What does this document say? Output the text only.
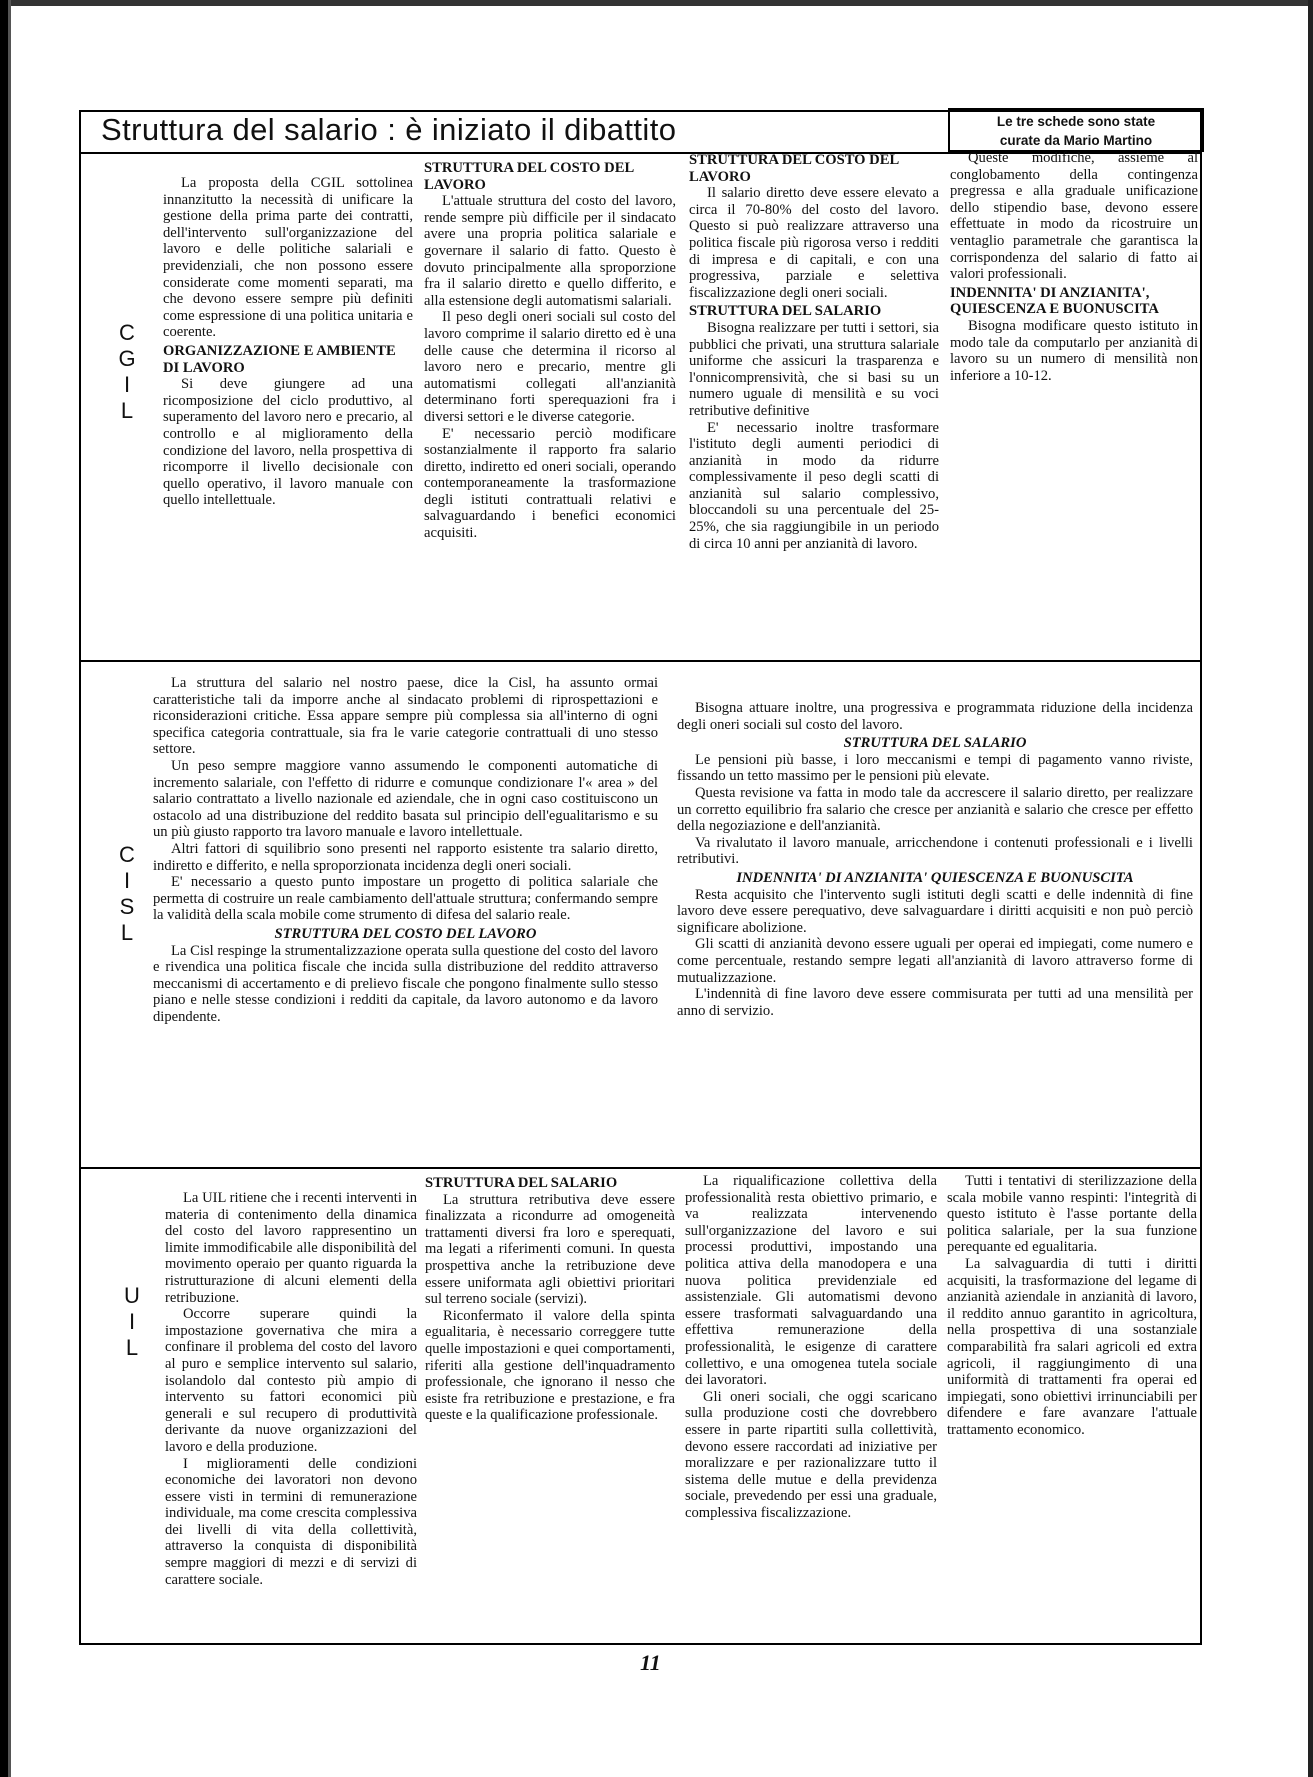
Struttura del salario : è iniziato il dibattito	Le tre schede sono state
curate da Mario Martino
C
G
I
L

La proposta della CGIL sottolinea innanzitutto la necessità di unificare la gestione della prima parte dei contratti, dell'intervento sull'organizzazione del lavoro e delle politiche salariali e previdenziali, che non possono essere considerate come momenti separati, ma che devono essere sempre più definiti come espressione di una politica unitaria e coerente.

ORGANIZZAZIONE E AMBIENTE DI LAVORO

Si deve giungere ad una ricomposizione del ciclo produttivo, al superamento del lavoro nero e precario, al controllo e al miglioramento della condizione del lavoro, nella prospettiva di ricomporre il livello decisionale con quello operativo, il lavoro manuale con quello intellettuale.

STRUTTURA DEL COSTO DEL LAVORO

L'attuale struttura del costo del lavoro, rende sempre più difficile per il sindacato avere una propria politica salariale e governare il salario di fatto. Questo è dovuto principalmente alla sproporzione fra il salario diretto e quello differito, e alla estensione degli automatismi salariali.

Il peso degli oneri sociali sul costo del lavoro comprime il salario diretto ed è una delle cause che determina il ricorso al lavoro nero e precario, mentre gli automatismi collegati all'anzianità determinano forti sperequazioni fra i diversi settori e le diverse categorie.

E' necessario perciò modificare sostanzialmente il rapporto fra salario diretto, indiretto ed oneri sociali, operando contemporaneamente la trasformazione degli istituti contrattuali relativi e salvaguardando i benefici economici acquisiti.

STRUTTURA DEL COSTO DEL LAVORO

Il salario diretto deve essere elevato a circa il 70-80% del costo del lavoro. Questo si può realizzare attraverso una politica fiscale più rigorosa verso i redditi di impresa e di capitali, e con una progressiva, parziale e selettiva fiscalizzazione degli oneri sociali.

STRUTTURA DEL SALARIO

Bisogna realizzare per tutti i settori, sia pubblici che privati, una struttura salariale uniforme che assicuri la trasparenza e l'onnicomprensività, che si basi su un numero uguale di mensilità e su voci retributive definitive

E' necessario inoltre trasformare l'istituto degli aumenti periodici di anzianità in modo da ridurre complessivamente il peso degli scatti di anzianità sul salario complessivo, bloccandoli su una percentuale del 25-25%, che sia raggiungibile in un periodo di circa 10 anni per anzianità di lavoro.

Queste modifiche, assieme al conglobamento della contingenza pregressa e alla graduale unificazione dello stipendio base, devono essere effettuate in modo da ricostruire un ventaglio parametrale che garantisca la corrispondenza del salario di fatto ai valori professionali.

INDENNITA' DI ANZIANITA', QUIESCENZA E BUONUSCITA

Bisogna modificare questo istituto in modo tale da computarlo per anzianità di lavoro su un numero di mensilità non inferiore a 10-12.

C
I
S
L

La struttura del salario nel nostro paese, dice la Cisl, ha assunto ormai caratteristiche tali da imporre anche al sindacato problemi di riprospettazioni e riconsiderazioni critiche. Essa appare sempre più complessa sia all'interno di ogni specifica categoria contrattuale, sia fra le varie categorie contrattuali di uno stesso settore.

Un peso sempre maggiore vanno assumendo le componenti automatiche di incremento salariale, con l'effetto di ridurre e comunque condizionare l'« area » del salario contrattato a livello nazionale ed aziendale, che in ogni caso costituiscono un ostacolo ad una distribuzione del reddito basata sul principio dell'egualitarismo e su un più giusto rapporto tra lavoro manuale e lavoro intellettuale.

Altri fattori di squilibrio sono presenti nel rapporto esistente tra salario diretto, indiretto e differito, e nella sproporzionata incidenza degli oneri sociali.

E' necessario a questo punto impostare un progetto di politica salariale che permetta di costruire un reale cambiamento dell'attuale struttura; confermando sempre la validità della scala mobile come strumento di difesa del salario reale.

STRUTTURA DEL COSTO DEL LAVORO

La Cisl respinge la strumentalizzazione operata sulla questione del costo del lavoro e rivendica una politica fiscale che incida sulla distribuzione del reddito attraverso meccanismi di accertamento e di prelievo fiscale che pongono finalmente sullo stesso piano e nelle stesse condizioni i redditi da capitale, da lavoro autonomo e da lavoro dipendente.

Bisogna attuare inoltre, una progressiva e programmata riduzione della incidenza degli oneri sociali sul costo del lavoro.

STRUTTURA DEL SALARIO

Le pensioni più basse, i loro meccanismi e tempi di pagamento vanno riviste, fissando un tetto massimo per le pensioni più elevate.

Questa revisione va fatta in modo tale da accrescere il salario diretto, per realizzare un corretto equilibrio fra salario che cresce per anzianità e salario che cresce per effetto della negoziazione e dell'anzianità.

Va rivalutato il lavoro manuale, arricchendone i contenuti professionali e i livelli retributivi.

INDENNITA' DI ANZIANITA' QUIESCENZA E BUONUSCITA

Resta acquisito che l'intervento sugli istituti degli scatti e delle indennità di fine lavoro deve essere perequativo, deve salvaguardare i diritti acquisiti e non può perciò significare abolizione.

Gli scatti di anzianità devono essere uguali per operai ed impiegati, come numero e come percentuale, restando sempre legati all'anzianità di lavoro attraverso forme di mutualizzazione.

L'indennità di fine lavoro deve essere commisurata per tutti ad una mensilità per anno di servizio.

U
I
L

La UIL ritiene che i recenti interventi in materia di contenimento della dinamica del costo del lavoro rappresentino un limite immodificabile alle disponibilità del movimento operaio per quanto riguarda la ristrutturazione di alcuni elementi della retribuzione.

Occorre superare quindi la impostazione governativa che mira a confinare il problema del costo del lavoro al puro e semplice intervento sul salario, isolandolo dal contesto più ampio di intervento su fattori economici più generali e sul recupero di produttività derivante da nuove organizzazioni del lavoro e della produzione.

I miglioramenti delle condizioni economiche dei lavoratori non devono essere visti in termini di remunerazione individuale, ma come crescita complessiva dei livelli di vita della collettività, attraverso la conquista di disponibilità sempre maggiori di mezzi e di servizi di carattere sociale.

STRUTTURA DEL SALARIO

La struttura retributiva deve essere finalizzata a ricondurre ad omogeneità trattamenti diversi fra loro e sperequati, ma legati a riferimenti comuni. In questa prospettiva anche la retribuzione deve essere uniformata agli obiettivi prioritari sul terreno sociale (servizi).

Riconfermato il valore della spinta egualitaria, è necessario correggere tutte quelle impostazioni e quei comportamenti, riferiti alla gestione dell'inquadramento professionale, che ignorano il nesso che esiste fra retribuzione e prestazione, e fra queste e la qualificazione professionale.

La riqualificazione collettiva della professionalità resta obiettivo primario, e va realizzata intervenendo sull'organizzazione del lavoro e sui processi produttivi, impostando una politica attiva della manodopera e una nuova politica previdenziale ed assistenziale. Gli automatismi devono essere trasformati salvaguardando una effettiva remunerazione della professionalità, le esigenze di carattere collettivo, e una omogenea tutela sociale dei lavoratori.

Gli oneri sociali, che oggi scaricano sulla produzione costi che dovrebbero essere in parte ripartiti sulla collettività, devono essere raccordati ad iniziative per moralizzare e per razionalizzare tutto il sistema delle mutue e della previdenza sociale, prevedendo per essi una graduale, complessiva fiscalizzazione.

Tutti i tentativi di sterilizzazione della scala mobile vanno respinti: l'integrità di questo istituto è l'asse portante della politica salariale, per la sua funzione perequante ed egualitaria.

La salvaguardia di tutti i diritti acquisiti, la trasformazione del legame di anzianità aziendale in anzianità di lavoro, il reddito annuo garantito in agricoltura, nella prospettiva di una sostanziale comparabilità fra salari agricoli ed extra agricoli, il raggiungimento di una uniformità di trattamenti fra operai ed impiegati, sono obiettivi irrinunciabili per difendere e fare avanzare l'attuale trattamento economico.

11
